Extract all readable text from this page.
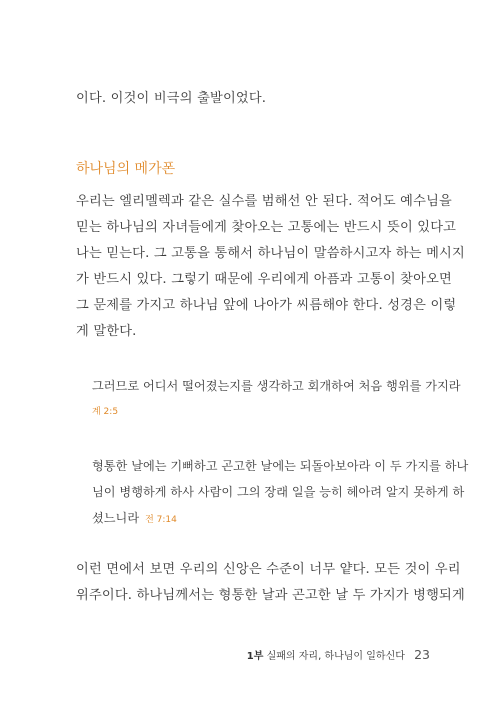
이다. 이것이 비극의 출발이었다.
하나님의 메가폰
우리는 엘리멜렉과 같은 실수를 범해선 안 된다. 적어도 예수님을
믿는 하나님의 자녀들에게 찾아오는 고통에는 반드시 뜻이 있다고
나는 믿는다. 그 고통을 통해서 하나님이 말씀하시고자 하는 메시지
가 반드시 있다. 그렇기 때문에 우리에게 아픔과 고통이 찾아오면
그 문제를 가지고 하나님 앞에 나아가 씨름해야 한다. 성경은 이렇
게 말한다.
그러므로 어디서 떨어졌는지를 생각하고 회개하여 처음 행위를 가지라
계 2:5
형통한 날에는 기뻐하고 곤고한 날에는 되돌아보아라 이 두 가지를 하나
님이 병행하게 하사 사람이 그의 장래 일을 능히 헤아려 알지 못하게 하
셨느니라 전 7:14
이런 면에서 보면 우리의 신앙은 수준이 너무 얕다. 모든 것이 우리
위주이다. 하나님께서는 형통한 날과 곤고한 날 두 가지가 병행되게
1부 실패의 자리, 하나님이 일하신다 23
